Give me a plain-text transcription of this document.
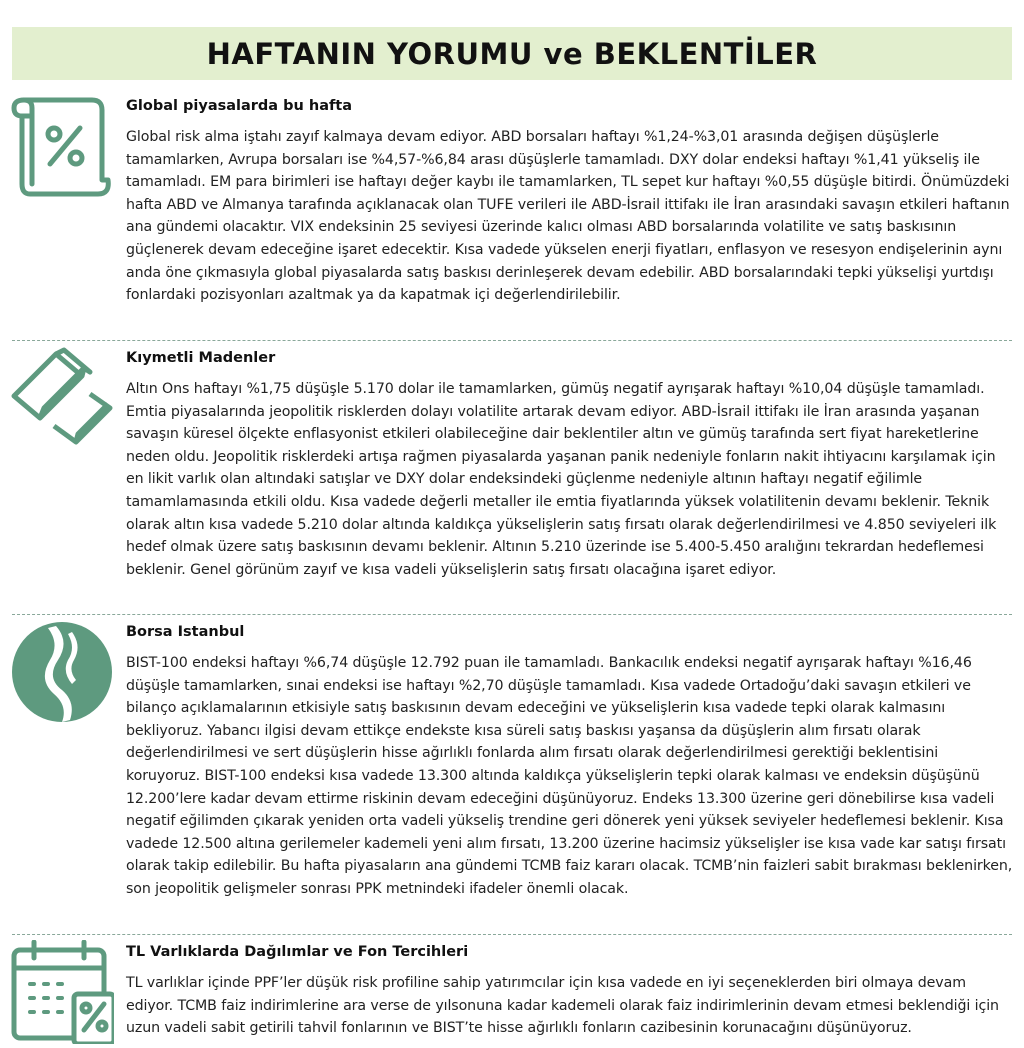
HAFTANIN YORUMU ve BEKLENTİLER
Global piyasalarda bu hafta

Global risk alma iştahı zayıf kalmaya devam ediyor. ABD borsaları haftayı %1,24-%3,01 arasında değişen düşüşlerle tamamlarken, Avrupa borsaları ise %4,57-%6,84 arası düşüşlerle tamamladı. DXY dolar endeksi haftayı %1,41 yükseliş ile tamamladı. EM para birimleri ise haftayı değer kaybı ile tamamlarken, TL sepet kur haftayı %0,55 düşüşle bitirdi. Önümüzdeki hafta ABD ve Almanya tarafında açıklanacak olan TUFE verileri ile ABD-İsrail ittifakı ile İran arasındaki savaşın etkileri haftanın ana gündemi olacaktır. VIX endeksinin 25 seviyesi üzerinde kalıcı olması ABD borsalarında volatilite ve satış baskısının güçlenerek devam edeceğine işaret edecektir. Kısa vadede yükselen enerji fiyatları, enflasyon ve resesyon endişelerinin aynı anda öne çıkmasıyla global piyasalarda satış baskısı derinleşerek devam edebilir. ABD borsalarındaki tepki yükselişi yurtdışı fonlardaki pozisyonları azaltmak ya da kapatmak içi değerlendirilebilir.

Kıymetli Madenler

Altın Ons haftayı %1,75 düşüşle 5.170 dolar ile tamamlarken, gümüş negatif ayrışarak haftayı %10,04 düşüşle tamamladı. Emtia piyasalarında jeopolitik risklerden dolayı volatilite artarak devam ediyor. ABD-İsrail ittifakı ile İran arasında yaşanan savaşın küresel ölçekte enflasyonist etkileri olabileceğine dair beklentiler altın ve gümüş tarafında sert fiyat hareketlerine neden oldu. Jeopolitik risklerdeki artışa rağmen piyasalarda yaşanan panik nedeniyle fonların nakit ihtiyacını karşılamak için en likit varlık olan altındaki satışlar ve DXY dolar endeksindeki güçlenme nedeniyle altının haftayı negatif eğilimle tamamlamasında etkili oldu. Kısa vadede değerli metaller ile emtia fiyatlarında yüksek volatilitenin devamı beklenir. Teknik olarak altın kısa vadede 5.210 dolar altında kaldıkça yükselişlerin satış fırsatı olarak değerlendirilmesi ve 4.850 seviyeleri ilk hedef olmak üzere satış baskısının devamı beklenir. Altının 5.210 üzerinde ise 5.400-5.450 aralığını tekrardan hedeflemesi beklenir. Genel görünüm zayıf ve kısa vadeli yükselişlerin satış fırsatı olacağına işaret ediyor.

Borsa Istanbul

BIST-100 endeksi haftayı %6,74 düşüşle 12.792 puan ile tamamladı. Bankacılık endeksi negatif ayrışarak haftayı %16,46 düşüşle tamamlarken, sınai endeksi ise haftayı %2,70 düşüşle tamamladı. Kısa vadede Ortadoğu’daki savaşın etkileri ve bilanço açıklamalarının etkisiyle satış baskısının devam edeceğini ve yükselişlerin kısa vadede tepki olarak kalmasını bekliyoruz. Yabancı ilgisi devam ettikçe endekste kısa süreli satış baskısı yaşansa da düşüşlerin alım fırsatı olarak değerlendirilmesi ve sert düşüşlerin hisse ağırlıklı fonlarda alım fırsatı olarak değerlendirilmesi gerektiği beklentisini koruyoruz. BIST-100 endeksi kısa vadede 13.300 altında kaldıkça yükselişlerin tepki olarak kalması ve endeksin düşüşünü 12.200’lere kadar devam ettirme riskinin devam edeceğini düşünüyoruz. Endeks 13.300 üzerine geri dönebilirse kısa vadeli negatif eğilimden çıkarak yeniden orta vadeli yükseliş trendine geri dönerek yeni yüksek seviyeler hedeflemesi beklenir. Kısa vadede 12.500 altına gerilemeler kademeli yeni alım fırsatı, 13.200 üzerine hacimsiz yükselişler ise kısa vade kar satışı fırsatı olarak takip edilebilir. Bu hafta piyasaların ana gündemi TCMB faiz kararı olacak. TCMB’nin faizleri sabit bırakması beklenirken, son jeopolitik gelişmeler sonrası PPK metnindeki ifadeler önemli olacak.

TL Varlıklarda Dağılımlar ve Fon Tercihleri

TL varlıklar içinde PPF’ler düşük risk profiline sahip yatırımcılar için kısa vadede en iyi seçeneklerden biri olmaya devam ediyor. TCMB faiz indirimlerine ara verse de yılsonuna kadar kademeli olarak faiz indirimlerinin devam etmesi beklendiği için uzun vadeli sabit getirili tahvil fonlarının ve BIST’te hisse ağırlıklı fonların cazibesinin korunacağını düşünüyoruz.
